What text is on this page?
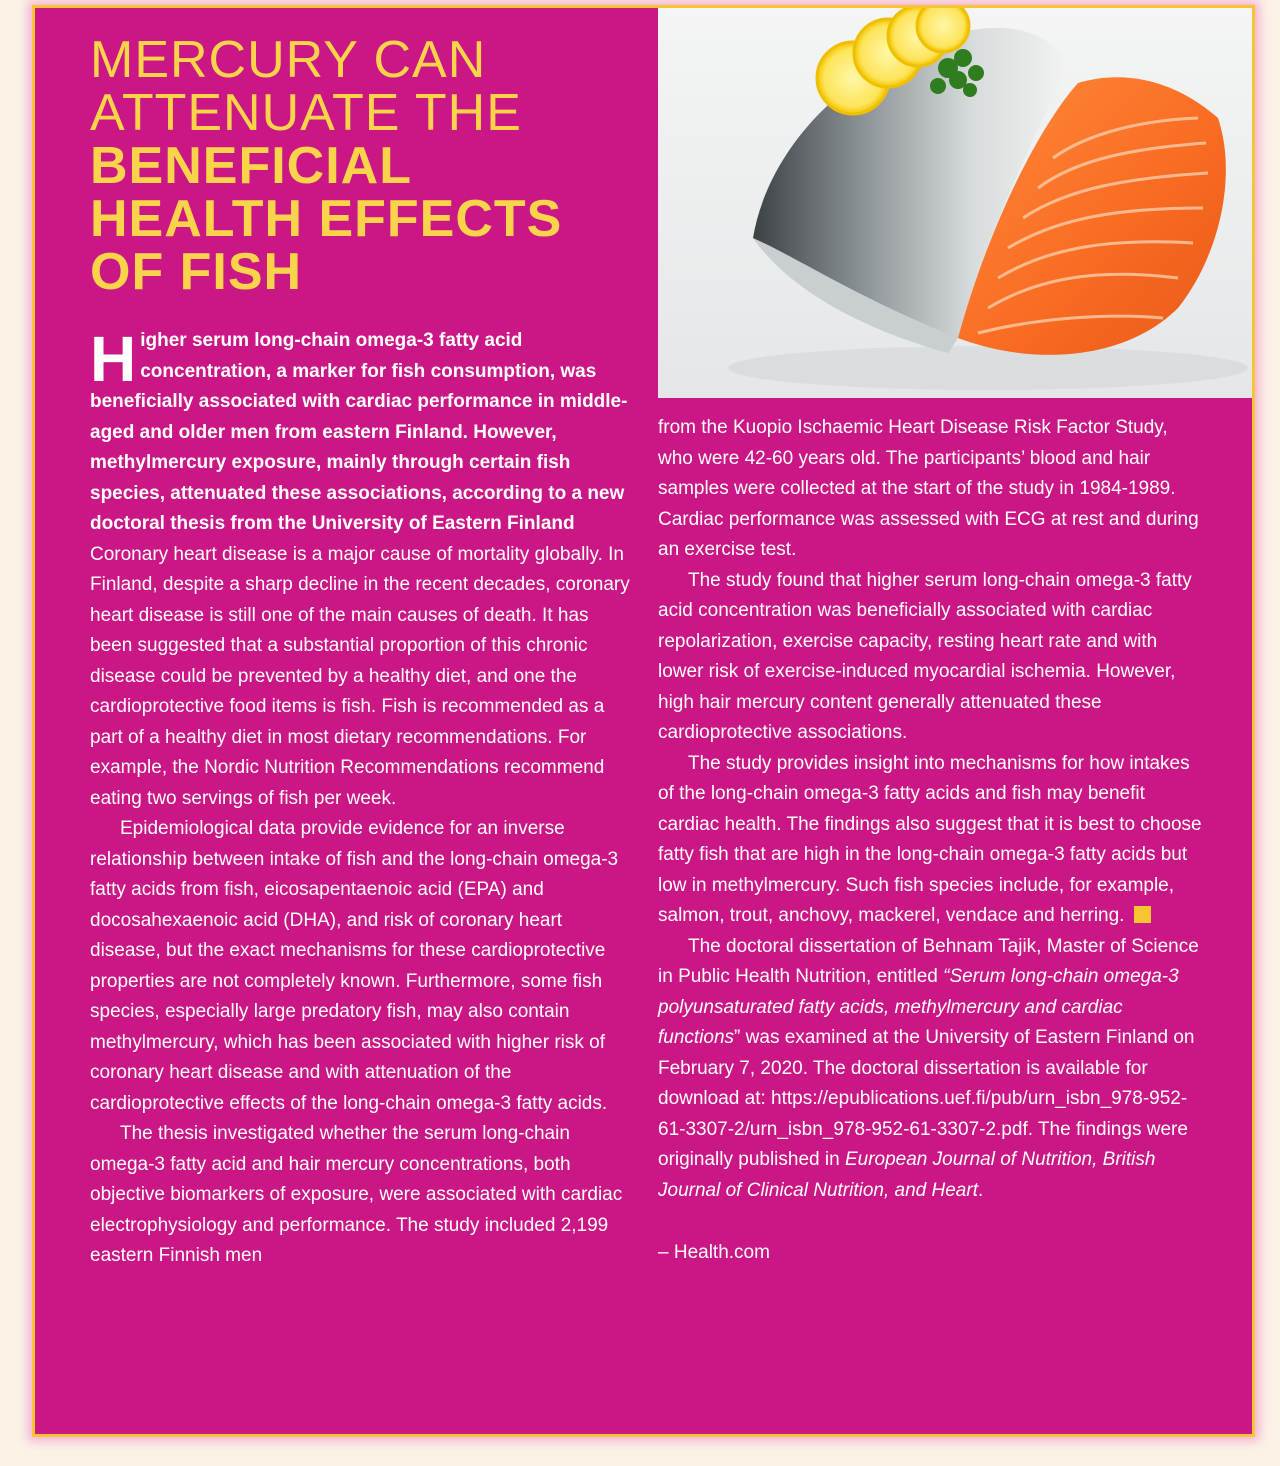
MERCURY CAN
ATTENUATE THE
BENEFICIAL
HEALTH EFFECTS
OF FISH

Higher serum long-chain omega-3 fatty acid concentration, a marker for fish consumption, was beneficially associated with cardiac performance in middle-aged and older men from eastern Finland. However, methylmercury exposure, mainly through certain fish species, attenuated these associations, according to a new doctoral thesis from the University of Eastern Finland

Coronary heart disease is a major cause of mortality globally. In Finland, despite a sharp decline in the recent decades, coronary heart disease is still one of the main causes of death. It has been suggested that a substantial proportion of this chronic disease could be prevented by a healthy diet, and one the cardioprotective food items is fish. Fish is recommended as a part of a healthy diet in most dietary recommendations. For example, the Nordic Nutrition Recommendations recommend eating two servings of fish per week.

Epidemiological data provide evidence for an inverse relationship between intake of fish and the long-chain omega-3 fatty acids from fish, eicosapentaenoic acid (EPA) and docosahexaenoic acid (DHA), and risk of coronary heart disease, but the exact mechanisms for these cardioprotective properties are not completely known. Furthermore, some fish species, especially large predatory fish, may also contain methylmercury, which has been associated with higher risk of coronary heart disease and with attenuation of the cardioprotective effects of the long-chain omega-3 fatty acids.

The thesis investigated whether the serum long-chain omega-3 fatty acid and hair mercury concentrations, both objective biomarkers of exposure, were associated with cardiac electrophysiology and performance. The study included 2,199 eastern Finnish men

from the Kuopio Ischaemic Heart Disease Risk Factor Study, who were 42-60 years old. The participants’ blood and hair samples were collected at the start of the study in 1984-1989. Cardiac performance was assessed with ECG at rest and during an exercise test.

The study found that higher serum long-chain omega-3 fatty acid concentration was beneficially associated with cardiac repolarization, exercise capacity, resting heart rate and with lower risk of exercise-induced myocardial ischemia. However, high hair mercury content generally attenuated these cardioprotective associations.

The study provides insight into mechanisms for how intakes of the long-chain omega-3 fatty acids and fish may benefit cardiac health. The findings also suggest that it is best to choose fatty fish that are high in the long-chain omega-3 fatty acids but low in methylmercury. Such fish species include, for example, salmon, trout, anchovy, mackerel, vendace and herring.

The doctoral dissertation of Behnam Tajik, Master of Science in Public Health Nutrition, entitled “Serum long-chain omega-3 polyunsaturated fatty acids, methylmercury and cardiac functions” was examined at the University of Eastern Finland on February 7, 2020. The doctoral dissertation is available for download at: https://epublications.uef.fi/pub/urn_isbn_978-952-61-3307-2/urn_isbn_978-952-61-3307-2.pdf. The findings were originally published in European Journal of Nutrition, British Journal of Clinical Nutrition, and Heart.

– Health.com
